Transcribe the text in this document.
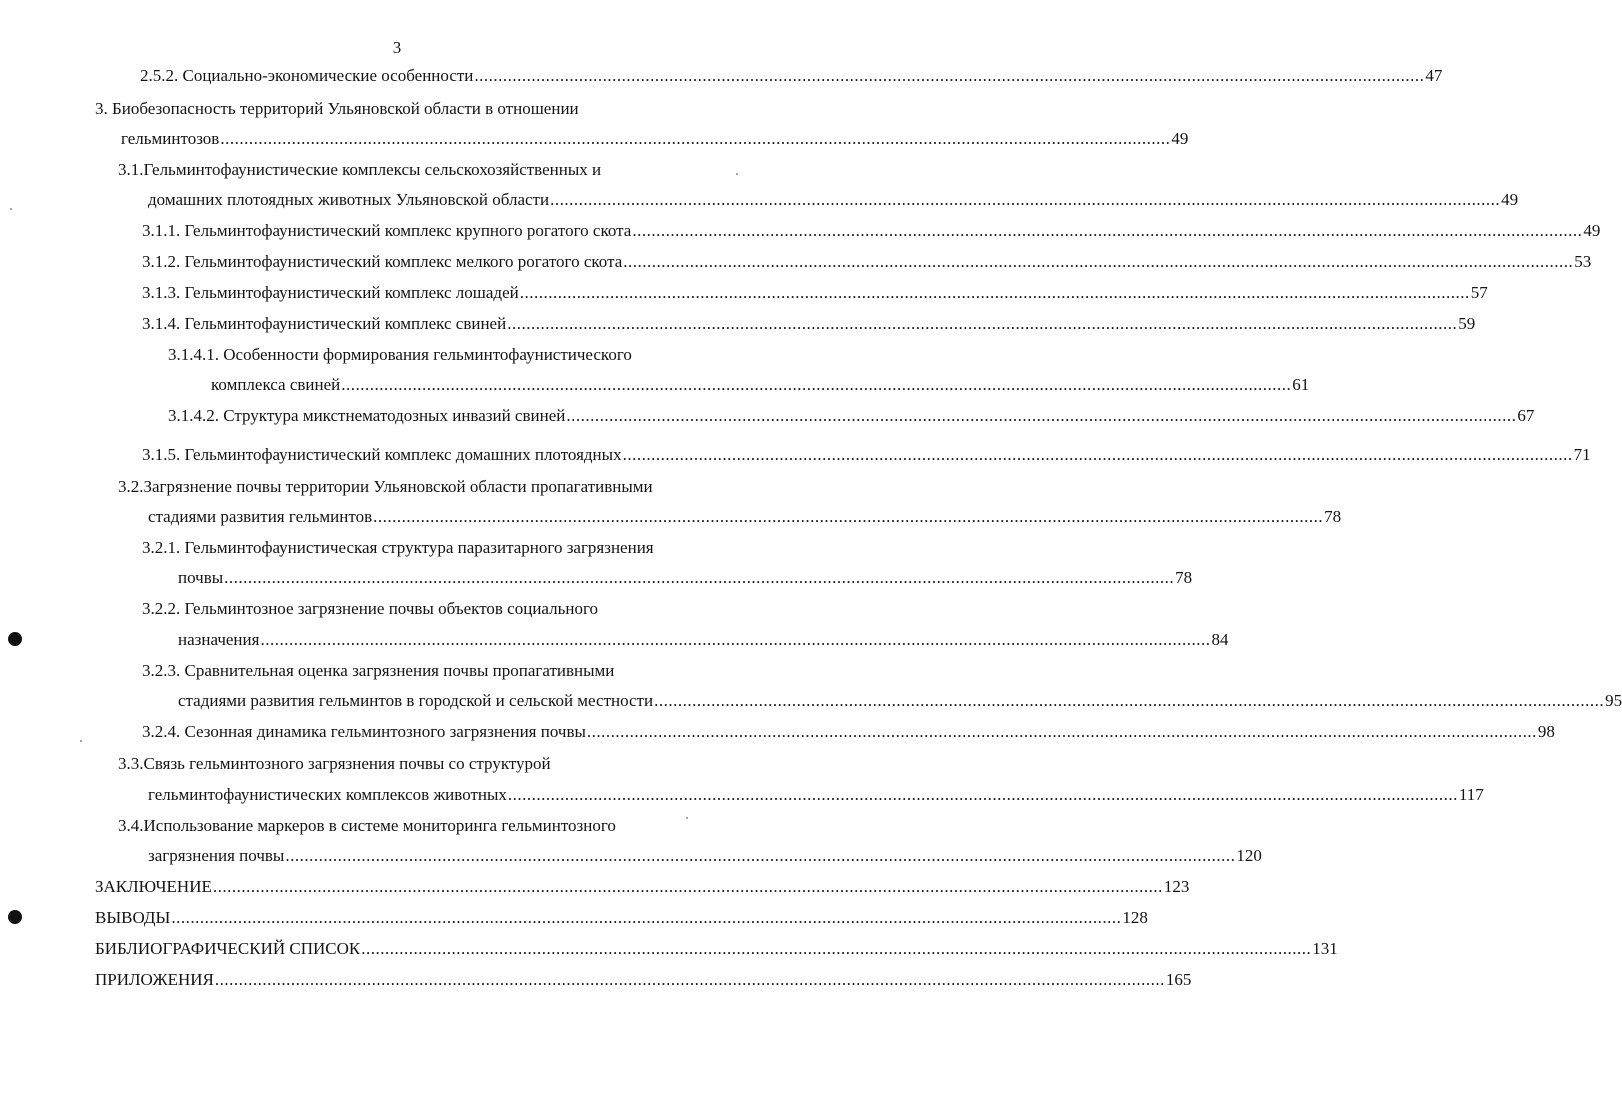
3
2.5.2. Социально-экономические особенности ........................................................................................................................................................................................................ 47
3. Биобезопасность территорий Ульяновской области в отношении
гельминтозов ........................................................................................................................................................................................................ 49
3.1.Гельминтофаунистические комплексы сельскохозяйственных и
домашних плотоядных животных Ульяновской области ........................................................................................................................................................................................................ 49
3.1.1. Гельминтофаунистический комплекс крупного рогатого скота ........................................................................................................................................................................................................ 49
3.1.2. Гельминтофаунистический комплекс мелкого рогатого скота ........................................................................................................................................................................................................ 53
3.1.3. Гельминтофаунистический комплекс лошадей ........................................................................................................................................................................................................ 57
3.1.4. Гельминтофаунистический комплекс свиней ........................................................................................................................................................................................................ 59
3.1.4.1. Особенности формирования гельминтофаунистического
комплекса свиней ........................................................................................................................................................................................................ 61
3.1.4.2. Структура микстнематодозных инвазий свиней ........................................................................................................................................................................................................ 67
3.1.5. Гельминтофаунистический комплекс домашних плотоядных ........................................................................................................................................................................................................ 71
3.2.Загрязнение почвы территории Ульяновской области пропагативными
стадиями развития гельминтов ........................................................................................................................................................................................................ 78
3.2.1. Гельминтофаунистическая структура паразитарного загрязнения
почвы ........................................................................................................................................................................................................ 78
3.2.2. Гельминтозное загрязнение почвы объектов социального
назначения ........................................................................................................................................................................................................ 84
3.2.3. Сравнительная оценка загрязнения почвы пропагативными
стадиями развития гельминтов в городской и сельской местности ........................................................................................................................................................................................................ 95
3.2.4. Сезонная динамика гельминтозного загрязнения почвы ........................................................................................................................................................................................................ 98
3.3.Связь гельминтозного загрязнения почвы со структурой
гельминтофаунистических комплексов животных ........................................................................................................................................................................................................ 117
3.4.Использование маркеров в системе мониторинга гельминтозного
загрязнения почвы ........................................................................................................................................................................................................ 120
ЗАКЛЮЧЕНИЕ ........................................................................................................................................................................................................ 123
ВЫВОДЫ ........................................................................................................................................................................................................ 128
БИБЛИОГРАФИЧЕСКИЙ СПИСОК ........................................................................................................................................................................................................ 131
ПРИЛОЖЕНИЯ ........................................................................................................................................................................................................ 165
